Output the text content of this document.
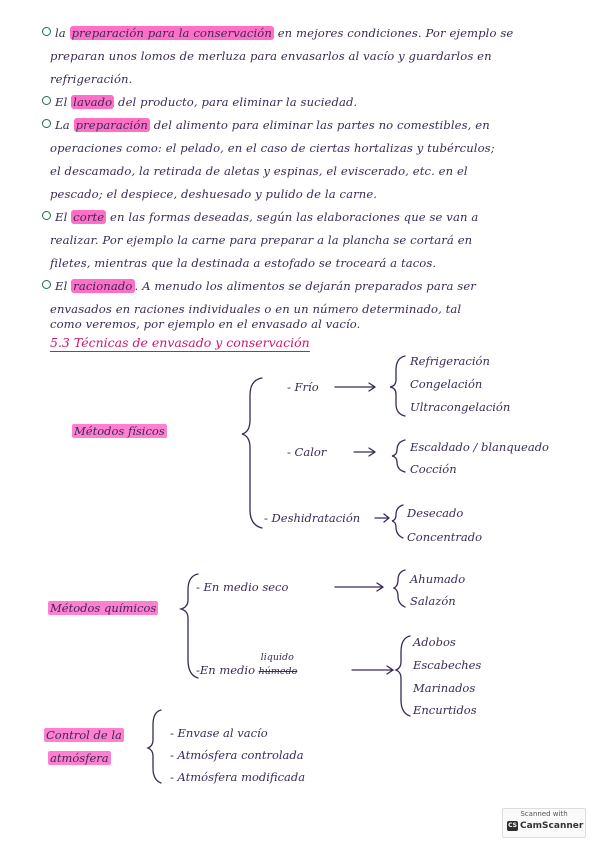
la preparación para la conservación en mejores condiciones. Por ejemplo se
preparan unos lomos de merluza para envasarlos al vacío y guardarlos en
refrigeración.
El lavado del producto, para eliminar la suciedad.
La preparación del alimento para eliminar las partes no comestibles, en
operaciones como: el pelado, en el caso de ciertas hortalizas y tubérculos;
el descamado, la retirada de aletas y espinas, el eviscerado, etc. en el
pescado; el despiece, deshuesado y pulido de la carne.
El corte en las formas deseadas, según las elaboraciones que se van a
realizar. Por ejemplo la carne para preparar a la plancha se cortará en
filetes, mientras que la destinada a estofado se troceará a tacos.
El racionado . A menudo los alimentos se dejarán preparados para ser
envasados en raciones individuales o en un número determinado, tal
como veremos, por ejemplo en el envasado al vacío.
5.3 Técnicas de envasado y conservación
Métodos físicos
- Frío
Refrigeración
Congelación
Ultracongelación
- Calor	Escaldado / blanqueado
Cocción
- Deshidratación	Desecado
Concentrado
Métodos químicos
- En medio seco
Ahumado
Salazón
-En medio
liquido
húmedo
Adobos
Escabeches
Marinados
Encurtidos
Control de la
atmósfera
- Envase al vacío
- Atmósfera controlada
- Atmósfera modificada
Scanned with
CS CamScanner
